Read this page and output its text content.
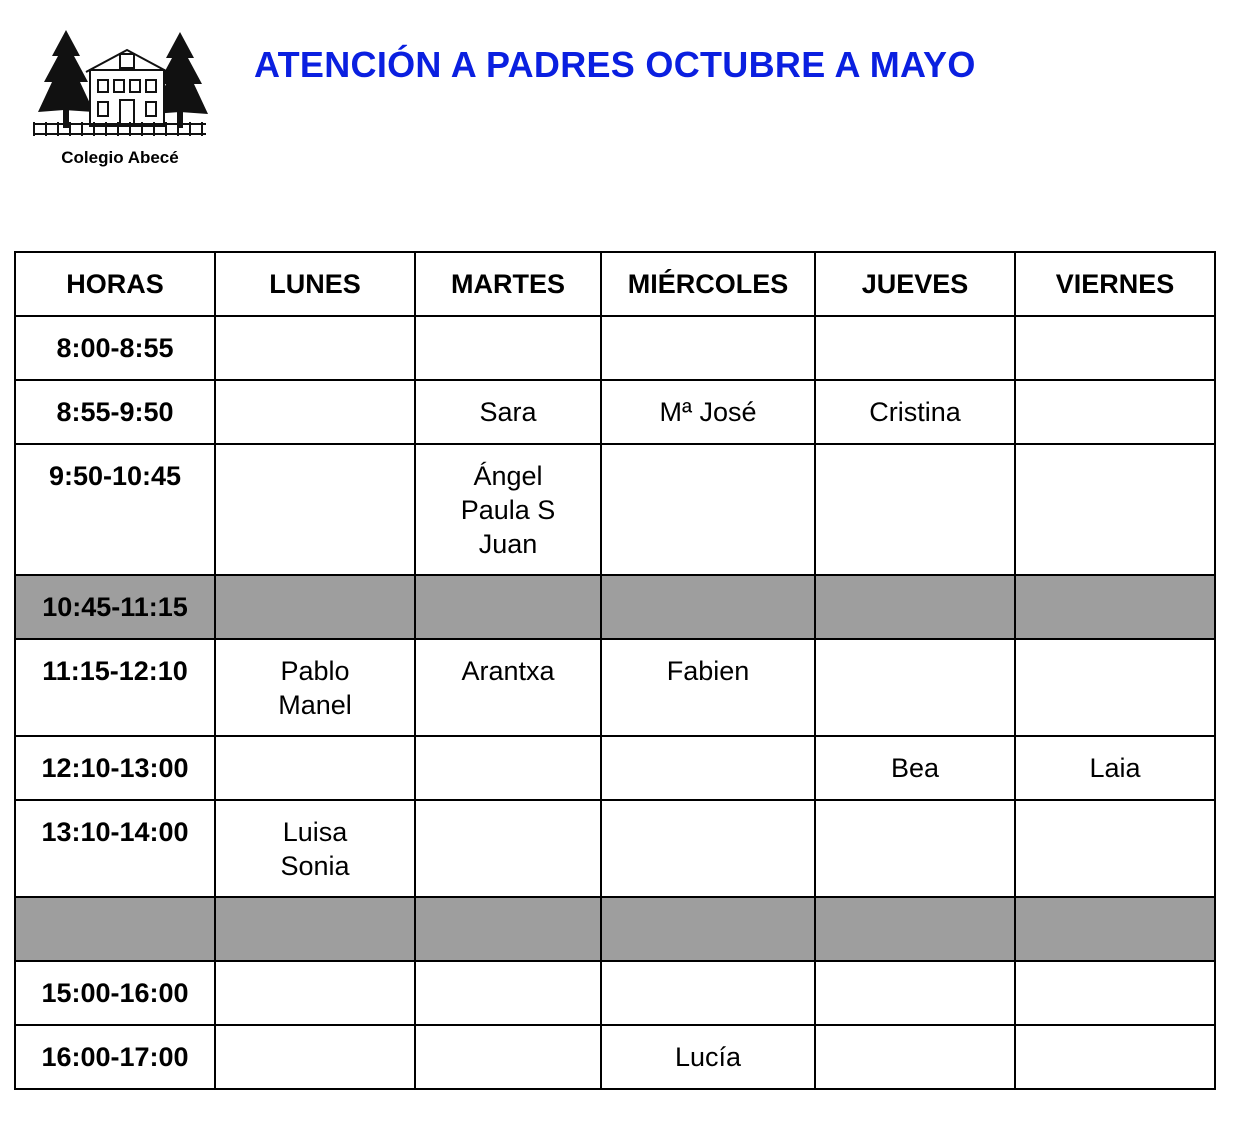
Colegio Abecé
ATENCIÓN A PADRES OCTUBRE A MAYO
HORAS	LUNES	MARTES	MIÉRCOLES	JUEVES	VIERNES

8:00-8:55					

8:55-9:50		Sara	Mª José	Cristina	

9:50-10:45		Ángel
Paula S
Juan			

10:45-11:15					

11:15-12:10	Pablo
Manel	Arantxa	Fabien		

12:10-13:00				Bea	Laia

13:10-14:00	Luisa
Sonia				

15:00-16:00					

16:00-17:00			Lucía		
